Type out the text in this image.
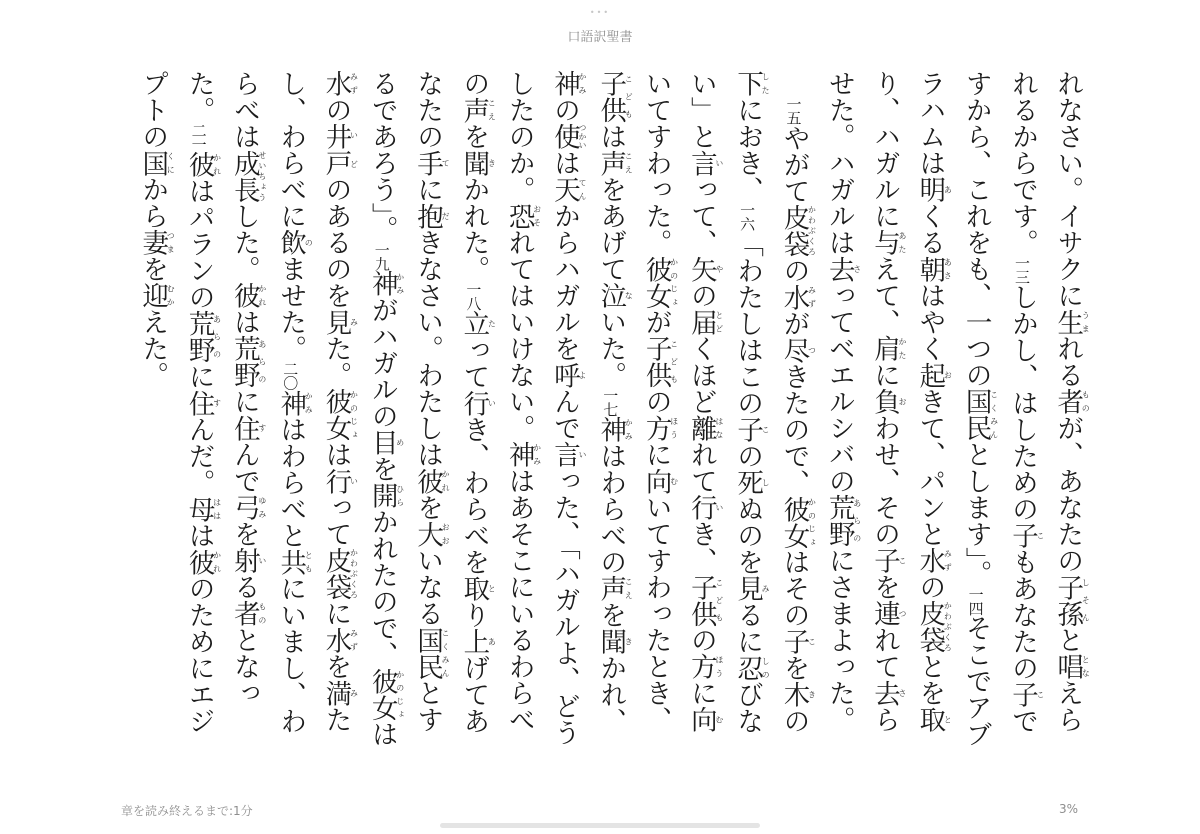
•••
口語訳聖書

れなさい。イサクに生うまれる者ものが、あなたの子孫しそんと唱となえられるからです。一三しかし、はしための子こもあなたの子こですから、これをも、一つの国民こくみんとします」。一四そこでアブラハムは明あくる朝あさはやく起おきて、パンと水みずの皮袋かわぶくろとを取とり、ハガルに与あたえて、肩かたに負おわせ、その子こを連つれて去さらせた。ハガルは去さってベエルシバの荒野あらのにさまよった。

　一五やがて皮袋かわぶくろの水みずが尽つきたので、彼女かのじょはその子こを木きの下したにおき、一六「わたしはこの子この死しぬのを見みるに忍しのびない」と言いって、矢やの届とどくほど離はなれて行いき、子供こどもの方ほうに向むいてすわった。彼女かのじょが子供こどもの方ほうに向むいてすわったとき、子供こどもは声こえをあげて泣ないた。一七神かみはわらべの声こえを聞きかれ、神かみの使つかいは天てんからハガルを呼よんで言いった、「ハガルよ、どうしたのか。恐おそれてはいけない。神かみはあそこにいるわらべの声こえを聞きかれた。一八立たって行いき、わらべを取とり上あげてあなたの手てに抱だきなさい。わたしは彼かれを大おおいなる国民こくみんとするであろう」。一九神かみがハガルの目めを開ひらかれたので、彼女かのじょは水みずの井戸いどのあるのを見みた。彼女かのじょは行いって皮袋かわぶくろに水みずを満みたし、わらべに飲のませた。二〇神かみはわらべと共ともにいまし、わらべは成長せいちょうした。彼かれは荒野あらのに住すんで弓ゆみを射いる者ものとなった。二一彼かれはパランの荒野あらのに住すんだ。母ははは彼かれのためにエジプトの国くにから妻つまを迎むかえた。

章を読み終えるまで:1分	3%
